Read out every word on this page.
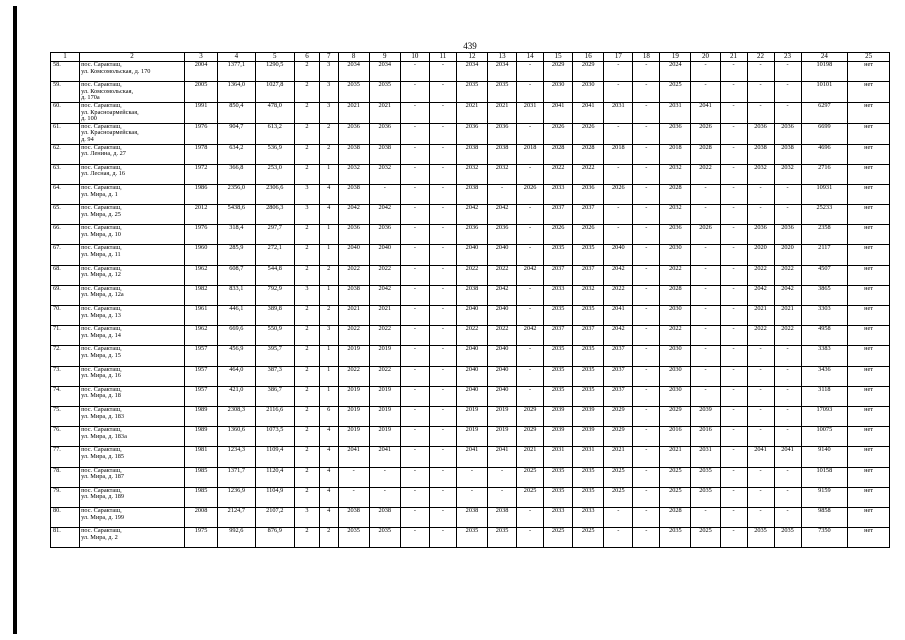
439
1	2	3	4	5	6	7	8	9	10	11	12	13	14	15	16	17	18	19	20	21	22	23	24	25
58.	пос. Саракташ,
ул. Комсомольская, д. 170	2004	1377,1	1290,5	2	3	2034	2034	-	-	2034	2034	-	2029	2029	-	-	2024	-	-	-	-	10198	нет
59.	пос. Саракташ,
ул. Комсомольская,
д. 170а	2005	1364,0	1027,8	2	3	2035	2035	-	-	2035	2035	-	2030	2030	-	-	2025	-	-	-	-	10101	нет
60.	пос. Саракташ,
ул. Красноармейская,
д. 100	1991	850,4	478,0	2	3	2021	2021	-	-	2021	2021	2031	2041	2041	2031	-	2031	2041	-	-	-	6297	нет
61.	пос. Саракташ,
ул. Красноармейская,
д. 94	1976	904,7	613,2	2	2	2036	2036	-	-	2036	2036	-	2026	2026	-	-	2036	2026	-	2036	2036	6699	нет
62.	пос. Саракташ,
ул. Ленина, д. 27	1978	634,2	536,9	2	2	2038	2038	-	-	2038	2038	2018	2028	2028	2018	-	2018	2028	-	2038	2038	4696	нет
63.	пос. Саракташ,
ул. Лесная, д. 16	1972	366,8	253,0	2	1	2032	2032	-	-	2032	2032	-	2022	2022	-	-	2032	2022	-	2032	2032	2716	нет
64.	пос. Саракташ,
ул. Мира, д. 1	1986	2356,0	2306,6	3	4	2038	-	-	-	2038	-	2026	2033	2036	2026	-	2028	-	-	-	-	10931	нет
65.	пос. Саракташ,
ул. Мира, д. 25	2012	5438,6	2806,3	3	4	2042	2042	-	-	2042	2042	-	2037	2037	-	-	2032	-	-	-	-	25233	нет
66.	пос. Саракташ,
ул. Мира, д. 10	1976	318,4	297,7	2	1	2036	2036	-	-	2036	2036	-	2026	2026	-	-	2036	2026	-	2036	2036	2358	нет
67.	пос. Саракташ,
ул. Мира, д. 11	1960	285,9	272,1	2	1	2040	2040	-	-	2040	2040	-	2035	2035	2040	-	2030	-	-	2020	2020	2117	нет
68.	пос. Саракташ,
ул. Мира, д. 12	1962	608,7	544,8	2	2	2022	2022	-	-	2022	2022	2042	2037	2037	2042	-	2022	-	-	2022	2022	4507	нет
69.	пос. Саракташ,
ул. Мира, д. 12а	1982	833,1	792,9	3	1	2038	2042	-	-	2038	2042	-	2033	2032	2022	-	2028	-	-	2042	2042	3865	нет
70.	пос. Саракташ,
ул. Мира, д. 13	1961	446,1	389,8	2	2	2021	2021	-	-	2040	2040	-	2035	2035	2041	-	2030	-	-	2021	2021	3303	нет
71.	пос. Саракташ,
ул. Мира, д. 14	1962	669,6	550,9	2	3	2022	2022	-	-	2022	2022	2042	2037	2037	2042	-	2022	-	-	2022	2022	4958	нет
72.	пос. Саракташ,
ул. Мира, д. 15	1957	456,9	395,7	2	1	2019	2019	-	-	2040	2040	-	2035	2035	2037	-	2030	-	-	-	-	3383	нет
73.	пос. Саракташ,
ул. Мира, д. 16	1957	464,0	387,3	2	1	2022	2022	-	-	2040	2040	-	2035	2035	2037	-	2030	-	-	-	-	3436	нет
74.	пос. Саракташ,
ул. Мира, д. 18	1957	421,0	386,7	2	1	2019	2019	-	-	2040	2040	-	2035	2035	2037	-	2030	-	-	-	-	3118	нет
75.	пос. Саракташ,
ул. Мира, д. 183	1989	2308,3	2116,6	2	6	2019	2019	-	-	2019	2019	2029	2039	2039	2029	-	2029	2039	-	-	-	17093	нет
76.	пос. Саракташ,
ул. Мира, д. 183а	1989	1360,6	1073,5	2	4	2019	2019	-	-	2019	2019	2029	2039	2039	2029	-	2016	2016	-	-	-	10075	нет
77.	пос. Саракташ,
ул. Мира, д. 185	1981	1234,3	1109,4	2	4	2041	2041	-	-	2041	2041	2021	2031	2031	2021	-	2021	2031	-	2041	2041	9140	нет
78.	пос. Саракташ,
ул. Мира, д. 187	1985	1371,7	1120,4	2	4	-	-	-	-	-	-	2025	2035	2035	2025	-	2025	2035	-	-	-	10158	нет
79.	пос. Саракташ,
ул. Мира, д. 189	1985	1236,9	1104,9	2	4	-	-	-	-	-	-	2025	2035	2035	2025	-	2025	2035	-	-	-	9159	нет
80.	пос. Саракташ,
ул. Мира, д. 199	2008	2124,7	2107,2	3	4	2038	2038	-	-	2038	2038	-	2033	2033	-	-	2028	-	-	-	-	9858	нет
81.	пос. Саракташ,
ул. Мира, д. 2	1975	992,6	876,9	2	2	2035	2035	-	-	2035	2035	-	2025	2025	-	-	2035	2025	-	2035	2035	7350	нет
